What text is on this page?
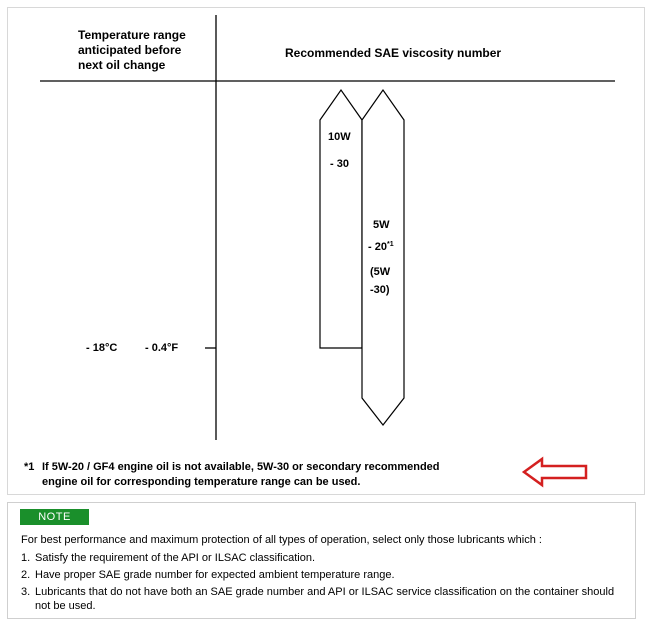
Temperature range anticipated before next oil change
Recommended SAE viscosity number
10W
- 30
5W
- 20$^{*1}$
(5W
-30)
- 18°C	- 0.4°F
*1 If 5W-20 / GF4 engine oil is not available, 5W-30 or secondary recommended
engine oil for corresponding temperature range can be used.
NOTE
For best performance and maximum protection of all types of operation, select only those lubricants which :
1. Satisfy the requirement of the API or ILSAC classification.
2. Have proper SAE grade number for expected ambient temperature range.
3. Lubricants that do not have both an SAE grade number and API or ILSAC service classification on the container should not be used.
